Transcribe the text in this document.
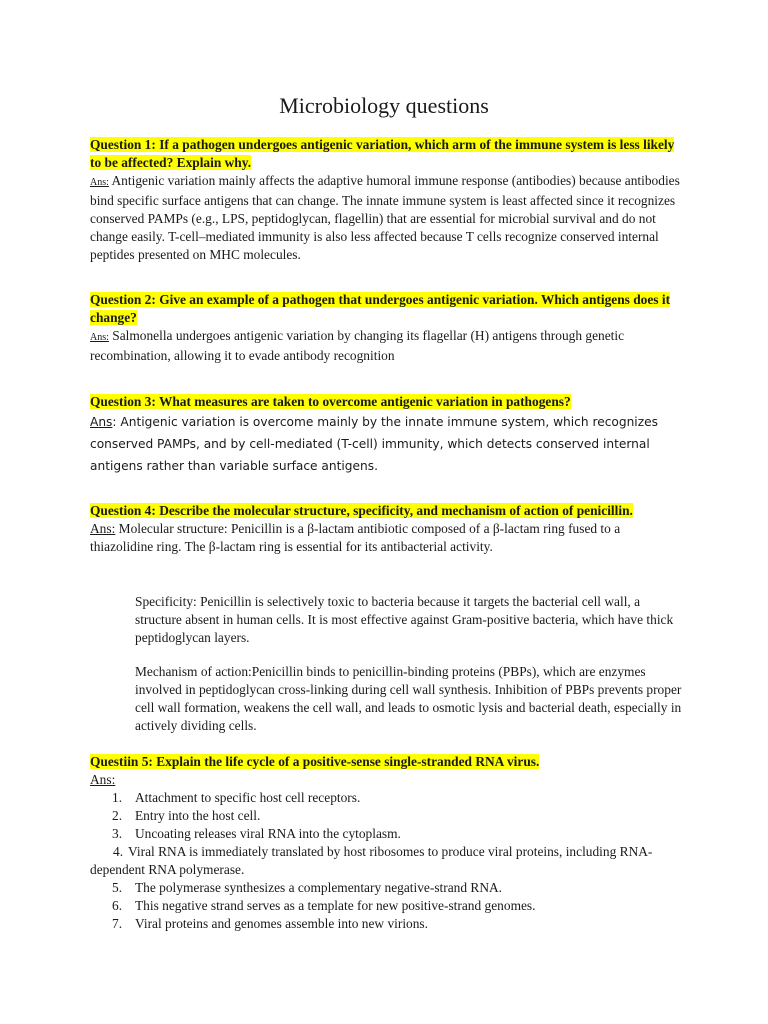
Microbiology questions
Question 1: If a pathogen undergoes antigenic variation, which arm of the immune system is less likely to be affected? Explain why.
Ans: Antigenic variation mainly affects the adaptive humoral immune response (antibodies) because antibodies bind specific surface antigens that can change. The innate immune system is least affected since it recognizes conserved PAMPs (e.g., LPS, peptidoglycan, flagellin) that are essential for microbial survival and do not change easily. T-cell–mediated immunity is also less affected because T cells recognize conserved internal peptides presented on MHC molecules.
Question 2: Give an example of a pathogen that undergoes antigenic variation. Which antigens does it change?
Ans: Salmonella undergoes antigenic variation by changing its flagellar (H) antigens through genetic recombination, allowing it to evade antibody recognition
Question 3: What measures are taken to overcome antigenic variation in pathogens?
Ans: Antigenic variation is overcome mainly by the innate immune system, which recognizes conserved PAMPs, and by cell-mediated (T-cell) immunity, which detects conserved internal antigens rather than variable surface antigens.
Question 4: Describe the molecular structure, specificity, and mechanism of action of penicillin.
Ans: Molecular structure: Penicillin is a β-lactam antibiotic composed of a β-lactam ring fused to a thiazolidine ring. The β-lactam ring is essential for its antibacterial activity.
Specificity: Penicillin is selectively toxic to bacteria because it targets the bacterial cell wall, a structure absent in human cells. It is most effective against Gram-positive bacteria, which have thick peptidoglycan layers.
Mechanism of action:Penicillin binds to penicillin-binding proteins (PBPs), which are enzymes involved in peptidoglycan cross-linking during cell wall synthesis. Inhibition of PBPs prevents proper cell wall formation, weakens the cell wall, and leads to osmotic lysis and bacterial death, especially in actively dividing cells.
Questiin 5: Explain the life cycle of a positive-sense single-stranded RNA virus.
Ans:
1. Attachment to specific host cell receptors.
2. Entry into the host cell.
3. Uncoating releases viral RNA into the cytoplasm.
4. Viral RNA is immediately translated by host ribosomes to produce viral proteins, including RNA-dependent RNA polymerase.
5. The polymerase synthesizes a complementary negative-strand RNA.
6. This negative strand serves as a template for new positive-strand genomes.
7. Viral proteins and genomes assemble into new virions.
